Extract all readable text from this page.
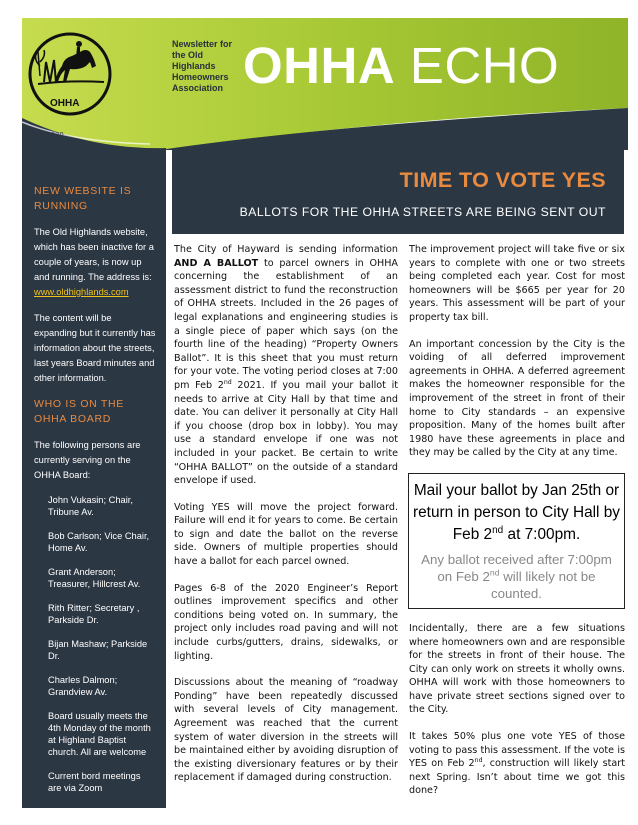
OHHA
Newsletter for the Old Highlands Homeowners Association OHHA ECHO
Dec 2020
NEW WEBSITE IS RUNNING

The Old Highlands website, which has been inactive for a couple of years, is now up and running. The address is: www.oldhighlands.com

The content will be expanding but it currently has information about the streets, last years Board minutes and other information.

WHO IS ON THE OHHA BOARD

The following persons are currently serving on the OHHA Board:

John Vukasin; Chair, Tribune Av.
Bob Carlson; Vice Chair, Home Av.
Grant Anderson; Treasurer, Hillcrest Av.
Rith Ritter; Secretary , Parkside Dr.
Bijan Mashaw; Parkside Dr.
Charles Dalmon; Grandview Av.
Board usually meets the 4th Monday of the month at Highland Baptist church. All are welcome
Current bord meetings are via Zoom
TIME TO VOTE YES
BALLOTS FOR THE OHHA STREETS ARE BEING SENT OUT

The City of Hayward is sending information AND A BALLOT to parcel owners in OHHA concerning the establishment of an assessment district to fund the reconstruction of OHHA streets. Included in the 26 pages of legal explanations and engineering studies is a single piece of paper which says (on the fourth line of the heading) “Property Owners Ballot”. It is this sheet that you must return for your vote. The voting period closes at 7:00 pm Feb 2nd 2021. If you mail your ballot it needs to arrive at City Hall by that time and date. You can deliver it personally at City Hall if you choose (drop box in lobby). You may use a standard envelope if one was not included in your packet. Be certain to write “OHHA BALLOT” on the outside of a standard envelope if used.

Voting YES will move the project forward. Failure will end it for years to come. Be certain to sign and date the ballot on the reverse side. Owners of multiple properties should have a ballot for each parcel owned.

Pages 6-8 of the 2020 Engineer’s Report outlines improvement specifics and other conditions being voted on. In summary, the project only includes road paving and will not include curbs/gutters, drains, sidewalks, or lighting.

Discussions about the meaning of “roadway Ponding” have been repeatedly discussed with several levels of City management. Agreement was reached that the current system of water diversion in the streets will be maintained either by avoiding disruption of the existing diversionary features or by their replacement if damaged during construction.

The improvement project will take five or six years to complete with one or two streets being completed each year. Cost for most homeowners will be $665 per year for 20 years. This assessment will be part of your property tax bill.

An important concession by the City is the voiding of all deferred improvement agreements in OHHA. A deferred agreement makes the homeowner responsible for the improvement of the street in front of their home to City standards – an expensive proposition. Many of the homes built after 1980 have these agreements in place and they may be called by the City at any time.

Mail your ballot by Jan 25th or return in person to City Hall by Feb 2nd at 7:00pm.
Any ballot received after 7:00pm on Feb 2nd will likely not be counted.

Incidentally, there are a few situations where homeowners own and are responsible for the streets in front of their house. The City can only work on streets it wholly owns. OHHA will work with those homeowners to have private street sections signed over to the City.

It takes 50% plus one vote YES of those voting to pass this assessment. If the vote is YES on Feb 2nd, construction will likely start next Spring. Isn’t about time we got this done?
